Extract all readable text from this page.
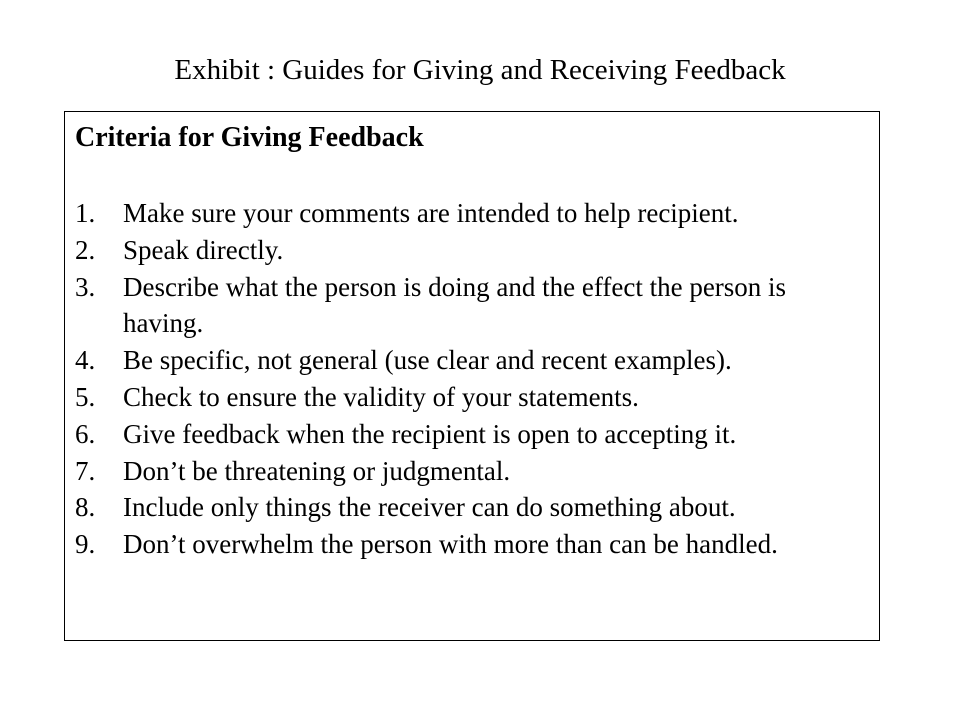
Exhibit : Guides for Giving and Receiving Feedback
Criteria for Giving Feedback
1.	Make sure your comments are intended to help recipient.
2.	Speak directly.
3.	Describe what the person is doing and the effect the person is having.
4.	Be specific, not general (use clear and recent examples).
5.	Check to ensure the validity of your statements.
6.	Give feedback when the recipient is open to accepting it.
7.	Don’t be threatening or judgmental.
8.	Include only things the receiver can do something about.
9.	Don’t overwhelm the person with more than can be handled.
